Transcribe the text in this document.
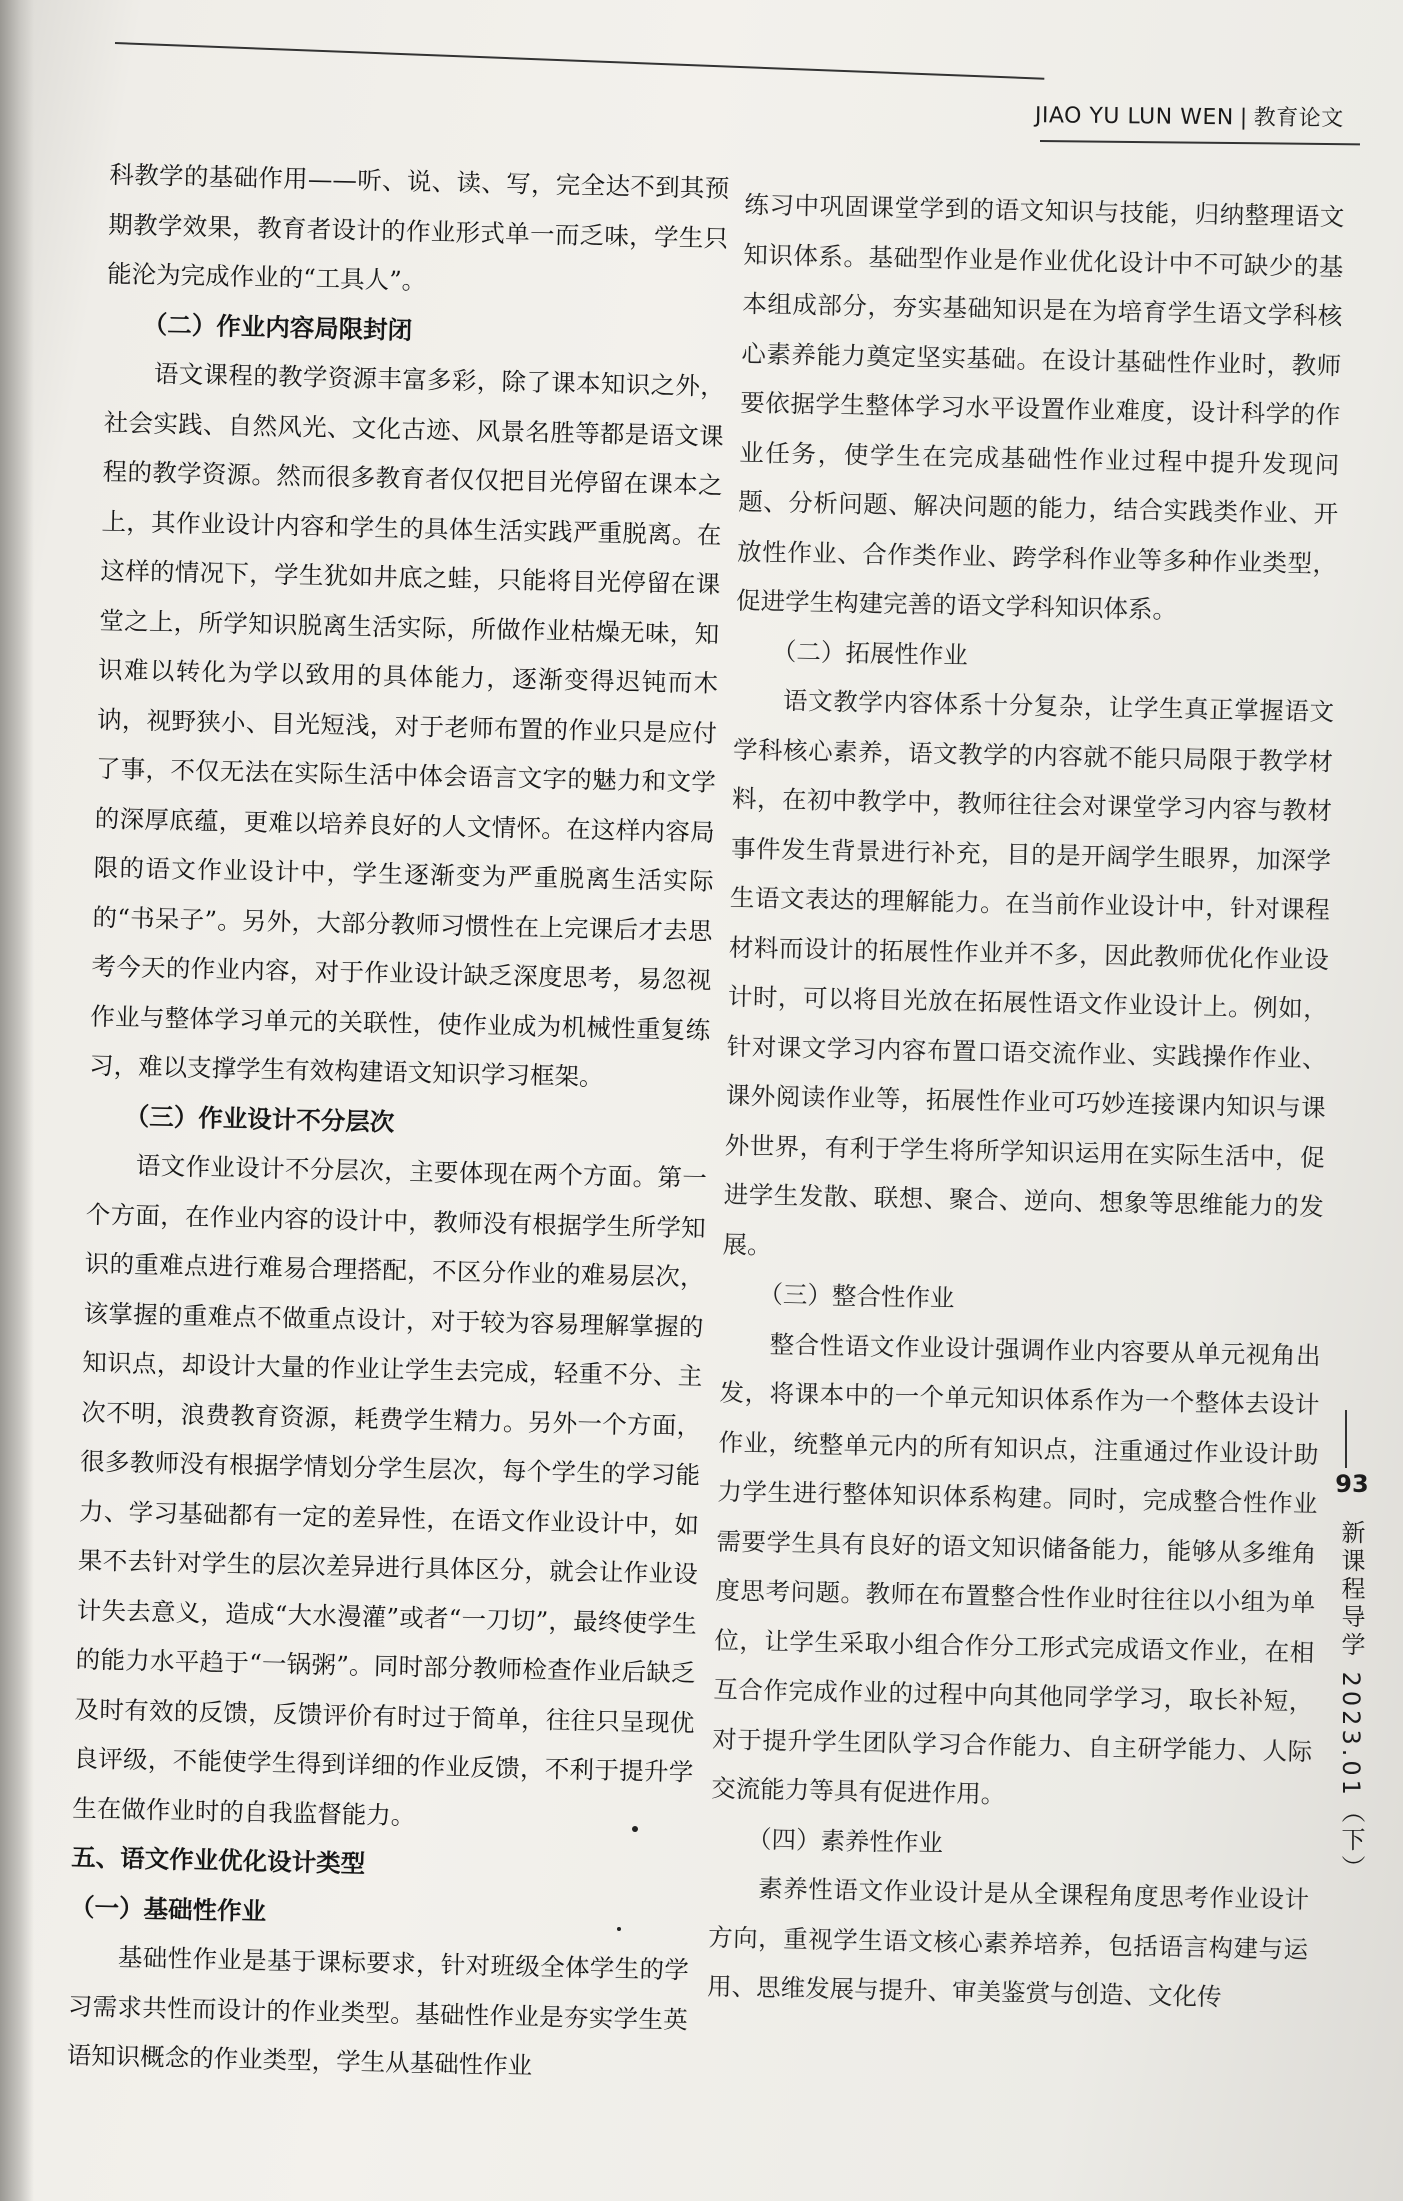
JIAO YU LUN WEN | 教育论文

科教学的基础作用——听、说、读、写，完全达不到其预期教学效果，教育者设计的作业形式单一而乏味，学生只能沦为完成作业的“工具人”。

（二）作业内容局限封闭

语文课程的教学资源丰富多彩，除了课本知识之外，社会实践、自然风光、文化古迹、风景名胜等都是语文课程的教学资源。然而很多教育者仅仅把目光停留在课本之上，其作业设计内容和学生的具体生活实践严重脱离。在这样的情况下，学生犹如井底之蛙，只能将目光停留在课堂之上，所学知识脱离生活实际，所做作业枯燥无味，知识难以转化为学以致用的具体能力，逐渐变得迟钝而木讷，视野狭小、目光短浅，对于老师布置的作业只是应付了事，不仅无法在实际生活中体会语言文字的魅力和文学的深厚底蕴，更难以培养良好的人文情怀。在这样内容局限的语文作业设计中，学生逐渐变为严重脱离生活实际的“书呆子”。另外，大部分教师习惯性在上完课后才去思考今天的作业内容，对于作业设计缺乏深度思考，易忽视作业与整体学习单元的关联性，使作业成为机械性重复练习，难以支撑学生有效构建语文知识学习框架。

（三）作业设计不分层次

语文作业设计不分层次，主要体现在两个方面。第一个方面，在作业内容的设计中，教师没有根据学生所学知识的重难点进行难易合理搭配，不区分作业的难易层次，该掌握的重难点不做重点设计，对于较为容易理解掌握的知识点，却设计大量的作业让学生去完成，轻重不分、主次不明，浪费教育资源，耗费学生精力。另外一个方面，很多教师没有根据学情划分学生层次，每个学生的学习能力、学习基础都有一定的差异性，在语文作业设计中，如果不去针对学生的层次差异进行具体区分，就会让作业设计失去意义，造成“大水漫灌”或者“一刀切”，最终使学生的能力水平趋于“一锅粥”。同时部分教师检查作业后缺乏及时有效的反馈，反馈评价有时过于简单，往往只呈现优良评级，不能使学生得到详细的作业反馈，不利于提升学生在做作业时的自我监督能力。

五、语文作业优化设计类型
（一）基础性作业

基础性作业是基于课标要求，针对班级全体学生的学习需求共性而设计的作业类型。基础性作业是夯实学生英语知识概念的作业类型，学生从基础性作业

练习中巩固课堂学到的语文知识与技能，归纳整理语文知识体系。基础型作业是作业优化设计中不可缺少的基本组成部分，夯实基础知识是在为培育学生语文学科核心素养能力奠定坚实基础。在设计基础性作业时，教师要依据学生整体学习水平设置作业难度，设计科学的作业任务，使学生在完成基础性作业过程中提升发现问题、分析问题、解决问题的能力，结合实践类作业、开放性作业、合作类作业、跨学科作业等多种作业类型，促进学生构建完善的语文学科知识体系。

（二）拓展性作业

语文教学内容体系十分复杂，让学生真正掌握语文学科核心素养，语文教学的内容就不能只局限于教学材料，在初中教学中，教师往往会对课堂学习内容与教材事件发生背景进行补充，目的是开阔学生眼界，加深学生语文表达的理解能力。在当前作业设计中，针对课程材料而设计的拓展性作业并不多，因此教师优化作业设计时，可以将目光放在拓展性语文作业设计上。例如，针对课文学习内容布置口语交流作业、实践操作作业、课外阅读作业等，拓展性作业可巧妙连接课内知识与课外世界，有利于学生将所学知识运用在实际生活中，促进学生发散、联想、聚合、逆向、想象等思维能力的发展。

（三）整合性作业

整合性语文作业设计强调作业内容要从单元视角出发，将课本中的一个单元知识体系作为一个整体去设计作业，统整单元内的所有知识点，注重通过作业设计助力学生进行整体知识体系构建。同时，完成整合性作业需要学生具有良好的语文知识储备能力，能够从多维角度思考问题。教师在布置整合性作业时往往以小组为单位，让学生采取小组合作分工形式完成语文作业，在相互合作完成作业的过程中向其他同学学习，取长补短，对于提升学生团队学习合作能力、自主研学能力、人际交流能力等具有促进作用。

（四）素养性作业

素养性语文作业设计是从全课程角度思考作业设计方向，重视学生语文核心素养培养，包括语言构建与运用、思维发展与提升、审美鉴赏与创造、文化传

93
新课程导学 2023.01（下）
